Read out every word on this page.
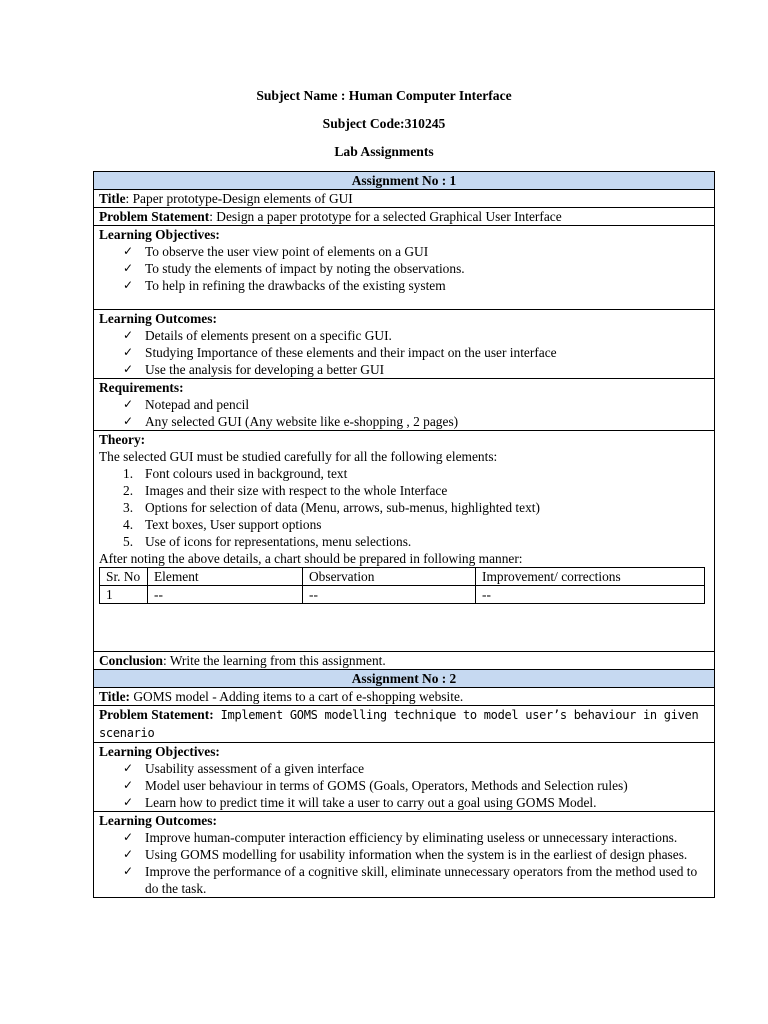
Subject Name : Human Computer Interface
Subject Code:310245
Lab Assignments
Assignment No : 1
Title: Paper prototype-Design elements of GUI
Problem Statement: Design a paper prototype for a selected Graphical User Interface
Learning Objectives:
✓ To observe the user view point of elements on a GUI
✓ To study the elements of impact by noting the observations.
✓ To help in refining the drawbacks of the existing system
Learning Outcomes:
✓ Details of elements present on a specific GUI.
✓ Studying Importance of these elements and their impact on the user interface
✓ Use the analysis for developing a better GUI
Requirements:
✓ Notepad and pencil
✓ Any selected GUI (Any website like e-shopping , 2 pages)
Theory:
The selected GUI must be studied carefully for all the following elements:
1. Font colours used in background, text
2. Images and their size with respect to the whole Interface
3. Options for selection of data (Menu, arrows, sub-menus, highlighted text)
4. Text boxes, User support options
5. Use of icons for representations, menu selections.
After noting the above details, a chart should be prepared in following manner:
Sr. No	Element	Observation	Improvement/ corrections
1	--	--	--
Conclusion: Write the learning from this assignment.
Assignment No : 2
Title: GOMS model - Adding items to a cart of e-shopping website.
Problem Statement: Implement GOMS modelling technique to model user’s behaviour in given scenario
Learning Objectives:
✓ Usability assessment of a given interface
✓ Model user behaviour in terms of GOMS (Goals, Operators, Methods and Selection rules)
✓ Learn how to predict time it will take a user to carry out a goal using GOMS Model.
Learning Outcomes:
✓ Improve human-computer interaction efficiency by eliminating useless or unnecessary interactions.
✓ Using GOMS modelling for usability information when the system is in the earliest of design phases.
✓ Improve the performance of a cognitive skill, eliminate unnecessary operators from the method used to do the task.
